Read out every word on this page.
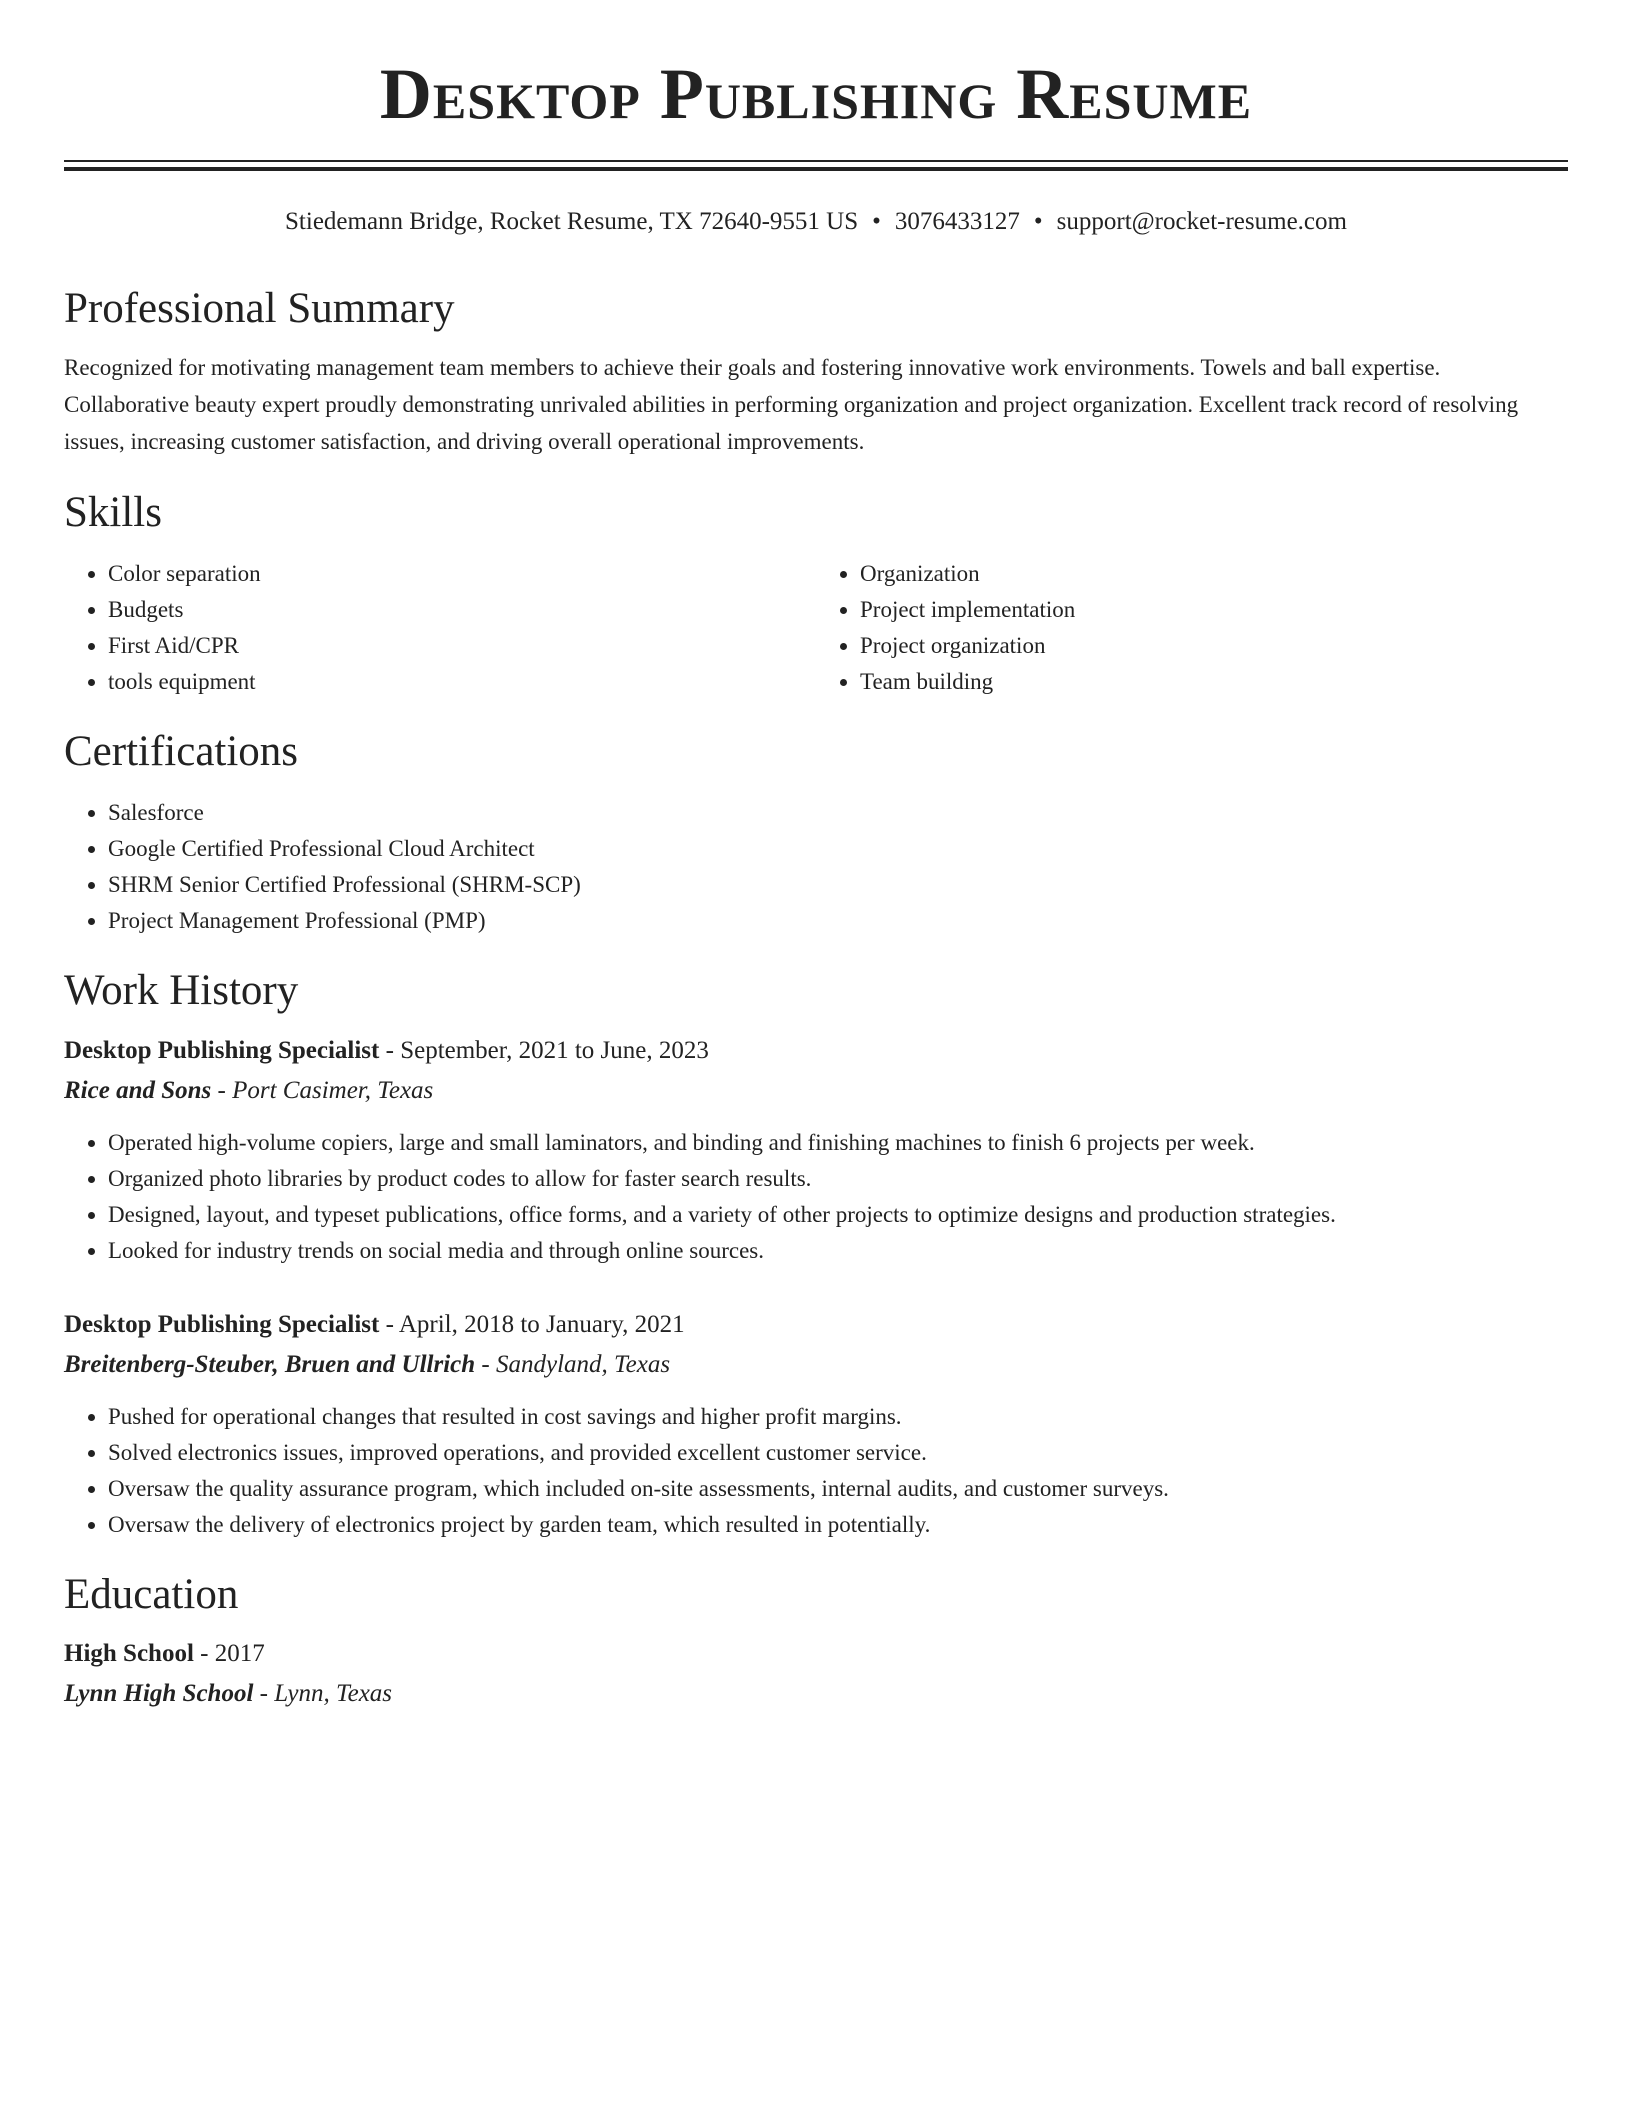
Desktop Publishing Resume
Stiedemann Bridge, Rocket Resume, TX 72640-9551 US • 3076433127 • support@rocket-resume.com
Professional Summary

Recognized for motivating management team members to achieve their goals and fostering innovative work environments. Towels and ball expertise. Collaborative beauty expert proudly demonstrating unrivaled abilities in performing organization and project organization. Excellent track record of resolving issues, increasing customer satisfaction, and driving overall operational improvements.

Skills
• Color separation
• Budgets
• First Aid/CPR
• tools equipment
• Organization
• Project implementation
• Project organization
• Team building
Certifications
• Salesforce
• Google Certified Professional Cloud Architect
• SHRM Senior Certified Professional (SHRM-SCP)
• Project Management Professional (PMP)
Work History
Desktop Publishing Specialist - September, 2021 to June, 2023
Rice and Sons - Port Casimer, Texas
• Operated high-volume copiers, large and small laminators, and binding and finishing machines to finish 6 projects per week.
• Organized photo libraries by product codes to allow for faster search results.
• Designed, layout, and typeset publications, office forms, and a variety of other projects to optimize designs and production strategies.
• Looked for industry trends on social media and through online sources.
Desktop Publishing Specialist - April, 2018 to January, 2021
Breitenberg-Steuber, Bruen and Ullrich - Sandyland, Texas
• Pushed for operational changes that resulted in cost savings and higher profit margins.
• Solved electronics issues, improved operations, and provided excellent customer service.
• Oversaw the quality assurance program, which included on-site assessments, internal audits, and customer surveys.
• Oversaw the delivery of electronics project by garden team, which resulted in potentially.
Education
High School - 2017
Lynn High School - Lynn, Texas
